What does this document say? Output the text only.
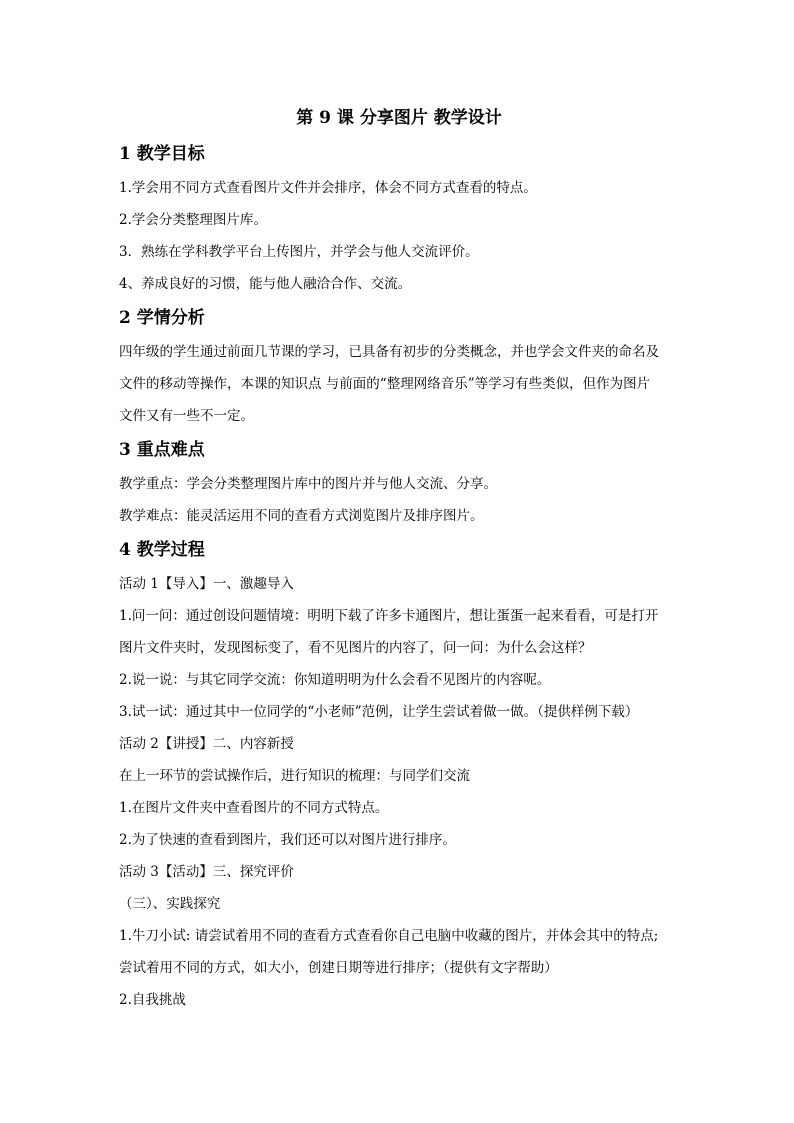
第 9 课 分享图片 教学设计
1 教学目标

1.学会用不同方式查看图片文件并会排序，体会不同方式查看的特点。

2.学会分类整理图片库。

3．熟练在学科教学平台上传图片，并学会与他人交流评价。

4、养成良好的习惯，能与他人融洽合作、交流。

2 学情分析
四年级的学生通过前面几节课的学习，已具备有初步的分类概念，并也学会文件夹的命名及
文件的移动等操作，本课的知识点 与前面的“整理网络音乐”等学习有些类似，但作为图片
文件又有一些不一定。
3 重点难点

教学重点：学会分类整理图片库中的图片并与他人交流、分享。

教学难点：能灵活运用不同的查看方式浏览图片及排序图片。

4 教学过程

活动 1【导入】一、激趣导入

1.问一问：通过创设问题情境：明明下载了许多卡通图片，想让蛋蛋一起来看看，可是打开

图片文件夹时，发现图标变了，看不见图片的内容了，问一问：为什么会这样？

2.说一说：与其它同学交流：你知道明明为什么会看不见图片的内容呢。

3.试一试：通过其中一位同学的“小老师”范例，让学生尝试着做一做。（提供样例下载）

活动 2【讲授】二、内容新授

在上一环节的尝试操作后，进行知识的梳理：与同学们交流

1.在图片文件夹中查看图片的不同方式特点。

2.为了快速的查看到图片，我们还可以对图片进行排序。

活动 3【活动】三、探究评价

（三）、实践探究

1.牛刀小试: 请尝试着用不同的查看方式查看你自己电脑中收藏的图片，并体会其中的特点;

尝试着用不同的方式，如大小，创建日期等进行排序；（提供有文字帮助）

2.自我挑战
